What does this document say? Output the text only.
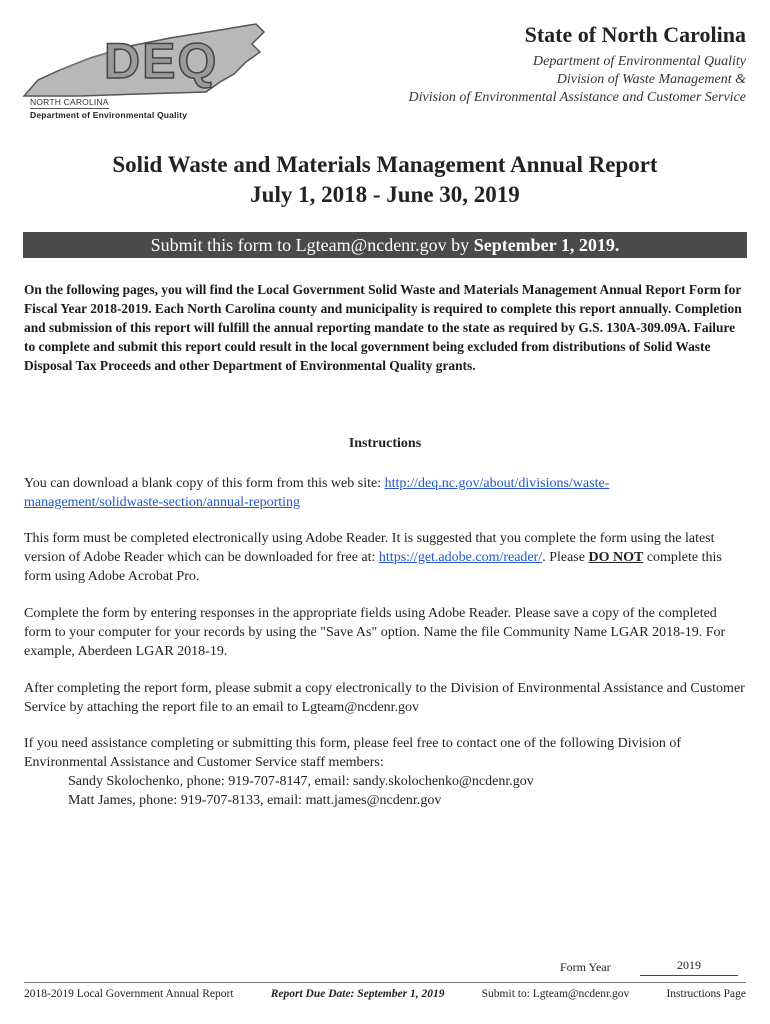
DEQ
NORTH CAROLINA
Department of Environmental Quality
State of North Carolina
Department of Environmental Quality
Division of Waste Management &
Division of Environmental Assistance and Customer Service
Solid Waste and Materials Management Annual Report
July 1, 2018 - June 30, 2019
Submit this form to Lgteam@ncdenr.gov by September 1, 2019.
On the following pages, you will find the Local Government Solid Waste and Materials Management Annual Report Form for Fiscal Year 2018-2019. Each North Carolina county and municipality is required to complete this report annually. Completion and submission of this report will fulfill the annual reporting mandate to the state as required by G.S. 130A-309.09A. Failure to complete and submit this report could result in the local government being excluded from distributions of Solid Waste Disposal Tax Proceeds and other Department of Environmental Quality grants.
Instructions
You can download a blank copy of this form from this web site: http://deq.nc.gov/about/divisions/waste-management/solidwaste-section/annual-reporting
This form must be completed electronically using Adobe Reader. It is suggested that you complete the form using the latest version of Adobe Reader which can be downloaded for free at: https://get.adobe.com/reader/. Please DO NOT complete this form using Adobe Acrobat Pro.
Complete the form by entering responses in the appropriate fields using Adobe Reader. Please save a copy of the completed form to your computer for your records by using the "Save As" option. Name the file Community Name LGAR 2018-19. For example, Aberdeen LGAR 2018-19.
After completing the report form, please submit a copy electronically to the Division of Environmental Assistance and Customer Service by attaching the report file to an email to Lgteam@ncdenr.gov
If you need assistance completing or submitting this form, please feel free to contact one of the following Division of Environmental Assistance and Customer Service staff members:
Sandy Skolochenko, phone: 919-707-8147, email: sandy.skolochenko@ncdenr.gov
Matt James, phone: 919-707-8133, email: matt.james@ncdenr.gov
Form Year	2019
2018-2019 Local Government Annual Report	Report Due Date: September 1, 2019	Submit to: Lgteam@ncdenr.gov	Instructions Page
